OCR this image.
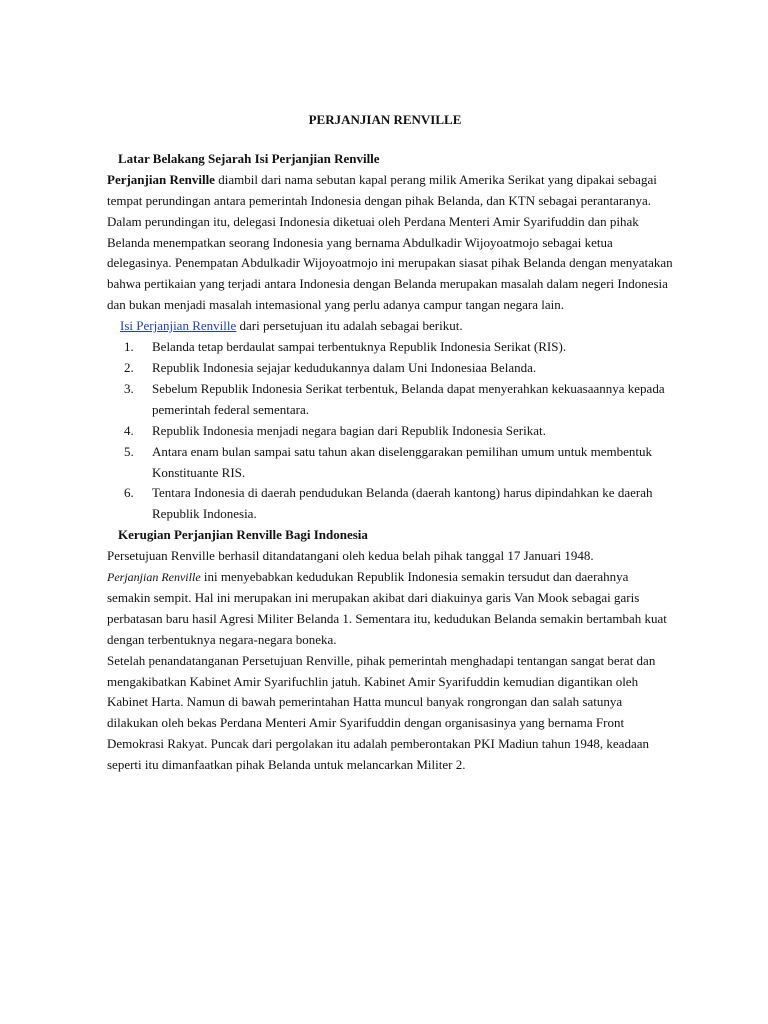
PERJANJIAN RENVILLE

Latar Belakang Sejarah Isi Perjanjian Renville

Perjanjian Renville diambil dari nama sebutan kapal perang milik Amerika Serikat yang dipakai sebagai tempat perundingan antara pemerintah Indonesia dengan pihak Belanda, dan KTN sebagai perantaranya. Dalam perundingan itu, delegasi Indonesia diketuai oleh Perdana Menteri Amir Syarifuddin dan pihak Belanda menempatkan seorang Indonesia yang bernama Abdulkadir Wijoyoatmojo sebagai ketua delegasinya. Penempatan Abdulkadir Wijoyoatmojo ini merupakan siasat pihak Belanda dengan menyatakan bahwa pertikaian yang terjadi antara Indonesia dengan Belanda merupakan masalah dalam negeri Indonesia dan bukan menjadi masalah intemasional yang perlu adanya campur tangan negara lain.

Isi Perjanjian Renville dari persetujuan itu adalah sebagai berikut.

1. Belanda tetap berdaulat sampai terbentuknya Republik Indonesia Serikat (RIS).
2. Republik Indonesia sejajar kedudukannya dalam Uni Indonesiaa Belanda.
3. Sebelum Republik Indonesia Serikat terbentuk, Belanda dapat menyerahkan kekuasaannya kepada pemerintah federal sementara.
4. Republik Indonesia menjadi negara bagian dari Republik Indonesia Serikat.
5. Antara enam bulan sampai satu tahun akan diselenggarakan pemilihan umum untuk membentuk Konstituante RIS.
6. Tentara Indonesia di daerah pendudukan Belanda (daerah kantong) harus dipindahkan ke daerah Republik Indonesia.

Kerugian Perjanjian Renville Bagi Indonesia

Persetujuan Renville berhasil ditandatangani oleh kedua belah pihak tanggal 17 Januari 1948.

Perjanjian Renville ini menyebabkan kedudukan Republik Indonesia semakin tersudut dan daerahnya semakin sempit. Hal ini merupakan ini merupakan akibat dari diakuinya garis Van Mook sebagai garis perbatasan baru hasil Agresi Militer Belanda 1. Sementara itu, kedudukan Belanda semakin bertambah kuat dengan terbentuknya negara-negara boneka.

Setelah penandatanganan Persetujuan Renville, pihak pemerintah menghadapi tentangan sangat berat dan mengakibatkan Kabinet Amir Syarifuchlin jatuh. Kabinet Amir Syarifuddin kemudian digantikan oleh Kabinet Harta. Namun di bawah pemerintahan Hatta muncul banyak rongrongan dan salah satunya dilakukan oleh bekas Perdana Menteri Amir Syarifuddin dengan organisasinya yang bernama Front Demokrasi Rakyat. Puncak dari pergolakan itu adalah pemberontakan PKI Madiun tahun 1948, keadaan seperti itu dimanfaatkan pihak Belanda untuk melancarkan Militer 2.
